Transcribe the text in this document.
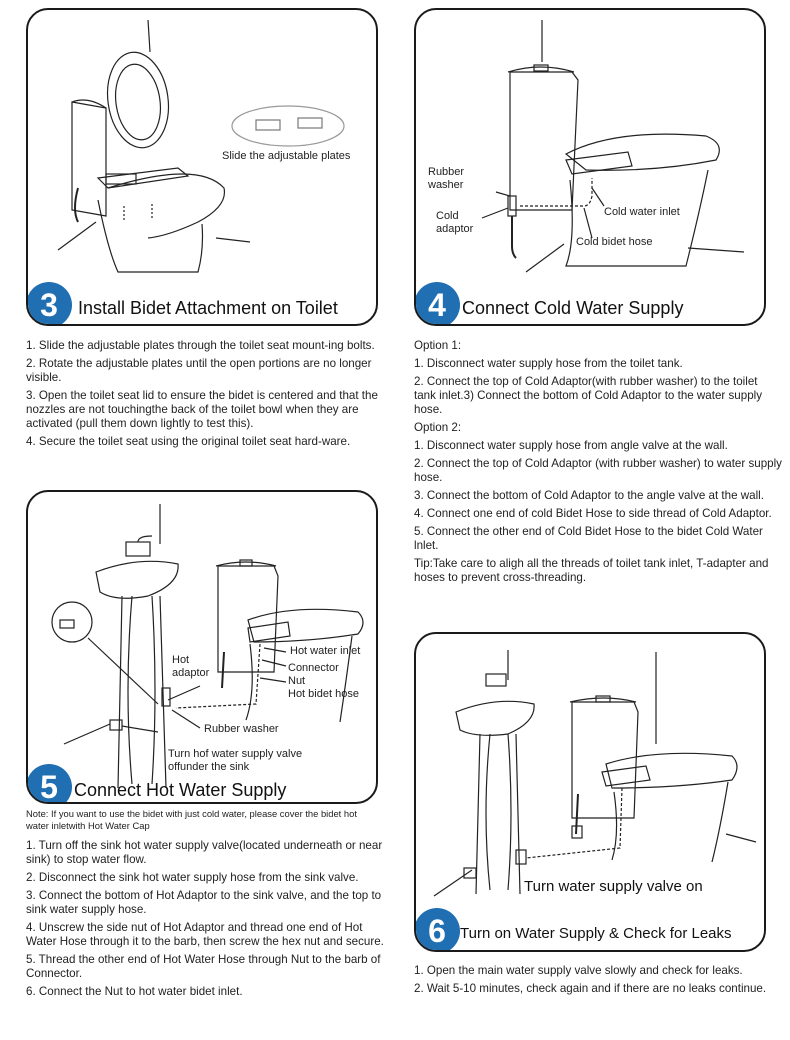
Slide the adjustable plates
3	Install Bidet Attachment on Toilet

1. Slide the adjustable plates through the toilet seat mount-ing bolts.

2. Rotate the adjustable plates until the open portions are no longer visible.

3. Open the toilet seat lid to ensure the bidet is centered and that the nozzles are not touchingthe back of the toilet bowl when they are activated (pull them down lightly to test this).

4. Secure the toilet seat using the original toilet seat hard-ware.

Rubber washer
Cold adaptor
Cold water inlet
Cold bidet hose
4 Connect Cold Water Supply

Option 1:

1. Disconnect water supply hose from the toilet tank.

2. Connect the top of Cold Adaptor(with rubber washer) to the toilet tank inlet.3) Connect the bottom of Cold Adaptor to the water supply hose.

Option 2:

1. Disconnect water supply hose from angle valve at the wall.

2. Connect the top of Cold Adaptor (with rubber washer) to water supply hose.

3. Connect the bottom of Cold Adaptor to the angle valve at the wall.

4. Connect one end of cold Bidet Hose to side thread of Cold Adaptor.

5. Connect the other end of Cold Bidet Hose to the bidet Cold Water lnlet.

Tip:Take care to aligh all the threads of toilet tank inlet, T-adapter and hoses to prevent cross-threading.

Hot adaptor
Hot water inlet
Connector
Nut
Hot bidet hose
Rubber washer
Turn hof water supply valve offunder the sink
5 Connect Hot Water Supply
Note: If you want to use the bidet with just cold water, please cover the bidet hot water inletwith Hot Water Cap

1. Turn off the sink hot water supply valve(located underneath or near sink) to stop water flow.

2. Disconnect the sink hot water supply hose from the sink valve.

3. Connect the bottom of Hot Adaptor to the sink valve, and the top to sink water supply hose.

4. Unscrew the side nut of Hot Adaptor and thread one end of Hot Water Hose through it to the barb, then screw the hex nut and secure.

5. Thread the other end of Hot Water Hose through Nut to the barb of Connector.

6. Connect the Nut to hot water bidet inlet.

Turn water supply valve on
6 Turn on Water Supply & Check for Leaks

1. Open the main water supply valve slowly and check for leaks.

2. Wait 5-10 minutes, check again and if there are no leaks continue.
